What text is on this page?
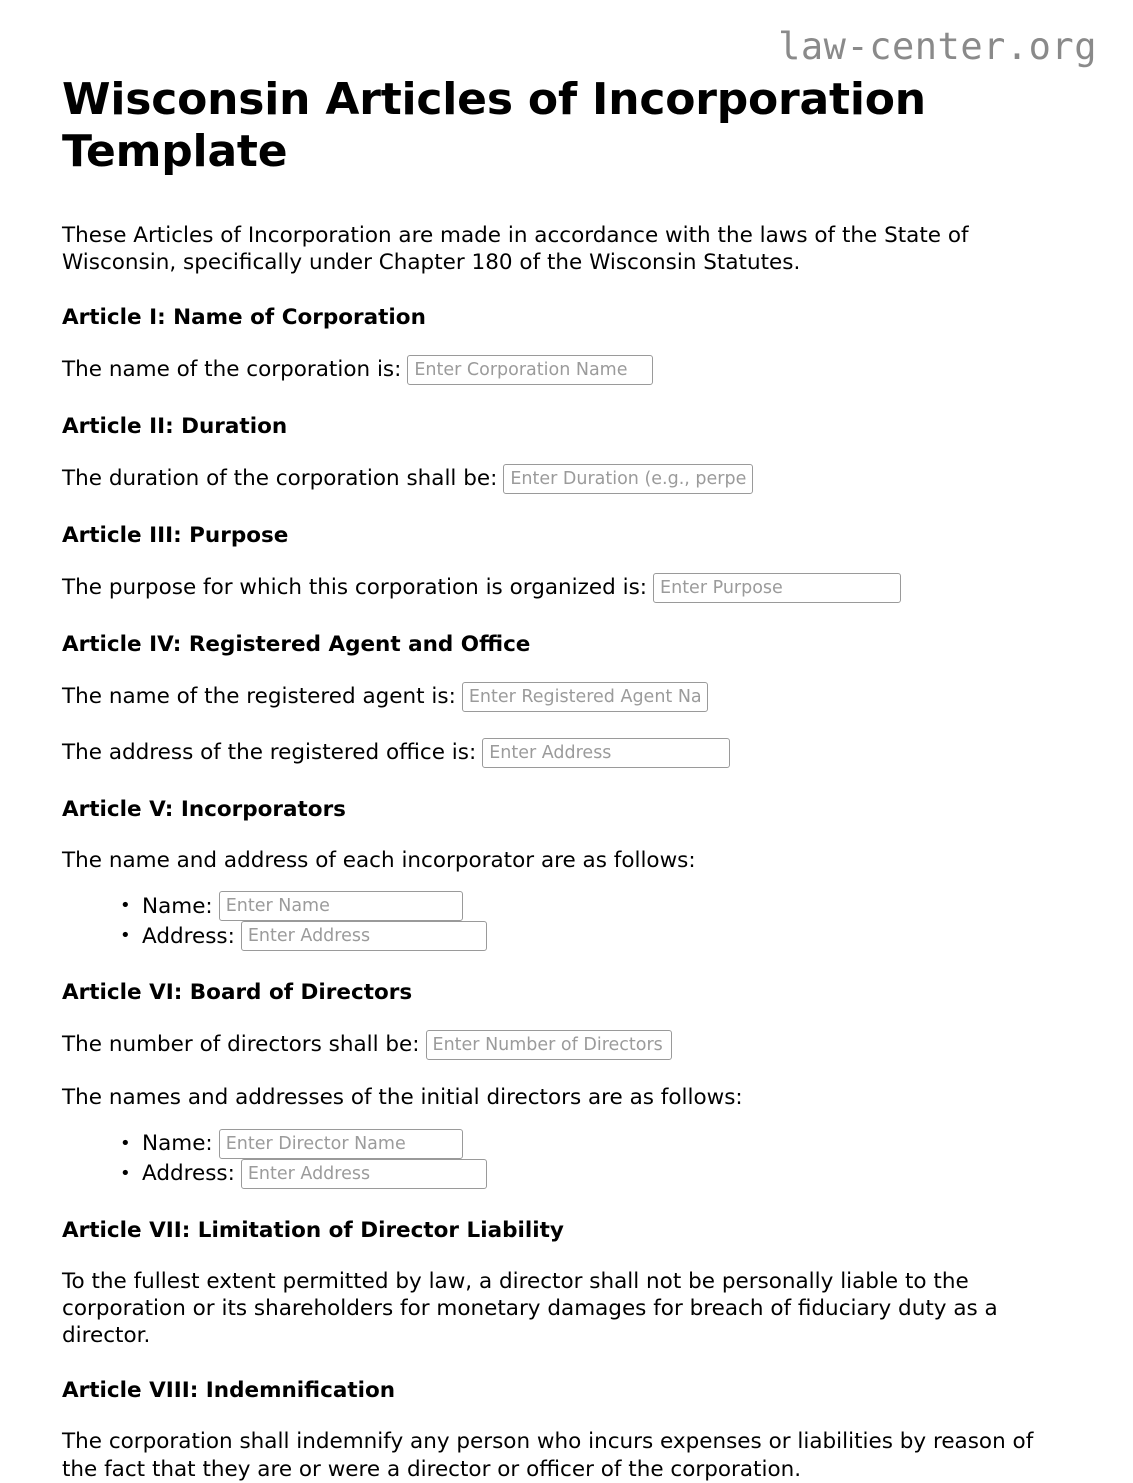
law-center.org
Wisconsin Articles of Incorporation Template

These Articles of Incorporation are made in accordance with the laws of the State of Wisconsin, specifically under Chapter 180 of the Wisconsin Statutes.

Article I: Name of Corporation
The name of the corporation is:
Enter Corporation Name
Article II: Duration
The duration of the corporation shall be:
Enter Duration (e.g., perpetual)
Article III: Purpose
The purpose for which this corporation is organized is:
Enter Purpose
Article IV: Registered Agent and Office
The name of the registered agent is:
Enter Registered Agent Name
The address of the registered office is:
Enter Address
Article V: Incorporators

The name and address of each incorporator are as follows:

• Name:
Enter Name
• Address:
Enter Address
Article VI: Board of Directors
The number of directors shall be:
Enter Number of Directors

The names and addresses of the initial directors are as follows:

• Name:
Enter Director Name
• Address:
Enter Address
Article VII: Limitation of Director Liability

To the fullest extent permitted by law, a director shall not be personally liable to the corporation or its shareholders for monetary damages for breach of fiduciary duty as a director.

Article VIII: Indemnification

The corporation shall indemnify any person who incurs expenses or liabilities by reason of the fact that they are or were a director or officer of the corporation.
